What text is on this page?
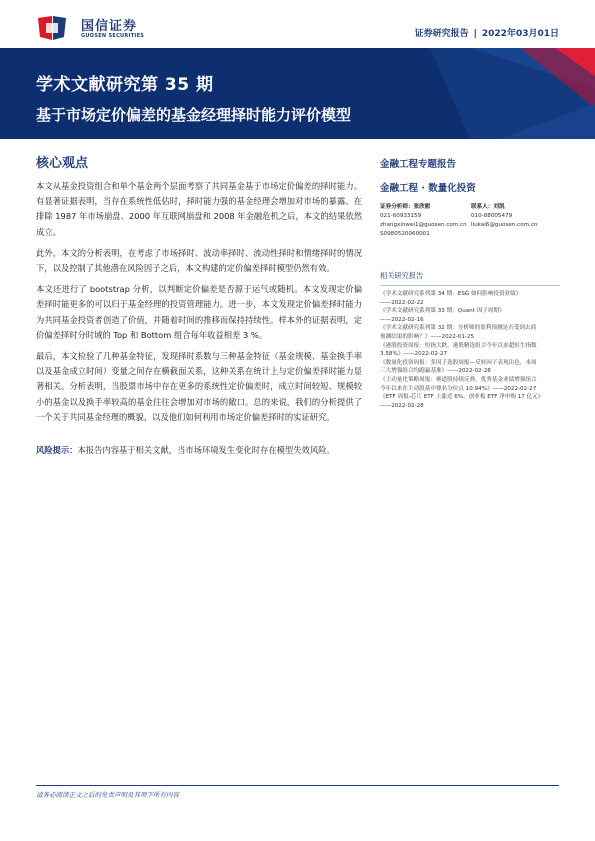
国信证券
GUOSEN SECURITIES	证券研究报告 | 2022年03月01日
学术文献研究第 35 期
基于市场定价偏差的基金经理择时能力评价模型
核心观点

本文从基金投资组合和单个基金两个层面考察了共同基金基于市场定价偏差的择时能力。有显著证据表明，当存在系统性低估时，择时能力强的基金经理会增加对市场的暴露。在排除 1987 年市场崩盘、2000 年互联网崩盘和 2008 年金融危机之后，本文的结果依然成立。

此外，本文的分析表明，在考虑了市场择时、波动率择时、流动性择时和情绪择时的情况下，以及控制了其他潜在风险因子之后，本文构建的定价偏差择时模型仍然有效。

本文还进行了 bootstrap 分析，以判断定价偏差是否源于运气或随机。本文发现定价偏差择时能更多的可以归于基金经理的投资管理能力。进一步，本文发现定价偏差择时能力为共同基金投资者创造了价值，并随着时间的推移而保持持续性。样本外的证据表明，定价偏差择时分时域的 Top 和 Bottom 组合每年收益相差 3 %。

最后，本文检验了几种基金特征，发现择时系数与三种基金特征（基金规模、基金换手率以及基金成立时间）变量之间存在横截面关系，这种关系在统计上与定价偏差择时能力显著相关。分析表明，当股票市场中存在更多的系统性定价偏差时，成立时间较短、规模较小的基金以及换手率较高的基金往往会增加对市场的敞口。总的来说，我们的分析提供了一个关于共同基金经理的概貌，以及他们如何利用市场定价偏差择时的实证研究。

风险提示：本报告内容基于相关文献，当市场环境发生变化时存在模型失效风险。

金融工程专题报告
金融工程 · 数量化投资
证券分析师：张欣慰
021-60933159
zhangxinwei1@guosen.com.cn
S0980520060001
联系人：刘凯
010-88005479
liukai6@guosen.com.cn
相关研究报告
《学术文献研究系列第 34 期：ESG 如何影响投资业绩》
——2022-02-22
《学术文献研究系列第 33 期：Quant 因子周期》
——2022-02-16
《学术文献研究系列第 32 期：分析师的盈利预测是否受到去商
预测结果的影响？》——2022-01-25
《港股投资周报：恒指大跌，港股精选组合今年以来超恒生指数
3.58%》——2022-02-27
《数量化投资周报：多因子选股周报—反转因子表现出色，本周
三大增强组合均跑赢基准》——2022-02-28
《主动量化策略周报：赛道股持续反弹，优秀基金业绩增强组合
今年以来在主动股基中排名分位点 10.94%》——2022-02-27
《ETF 周报-芯片 ETF 上涨近 6%，创业板 ETF 净申购 17 亿元》
——2022-02-28
请务必阅读正文之后的免责声明及其项下所有内容
